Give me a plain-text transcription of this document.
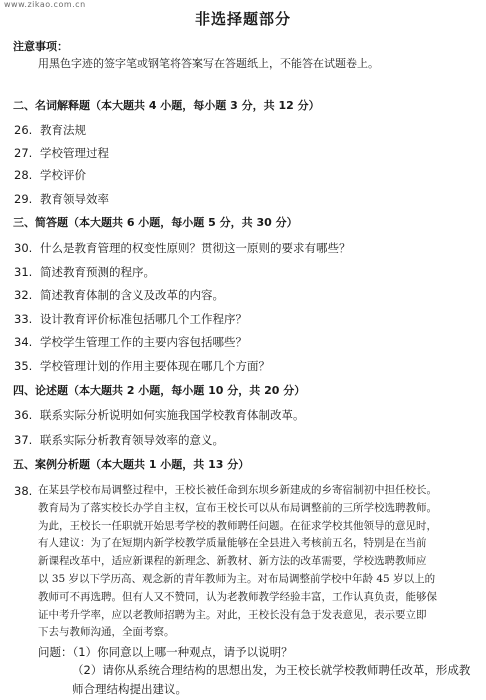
www.zikao.com.cn
非选择题部分
注意事项：
用黑色字迹的签字笔或钢笔将答案写在答题纸上，不能答在试题卷上。
二、名词解释题（本大题共 4 小题，每小题 3 分，共 12 分）
26. 教育法规
27. 学校管理过程
28. 学校评价
29. 教育领导效率
三、简答题（本大题共 6 小题，每小题 5 分，共 30 分）
30. 什么是教育管理的权变性原则？贯彻这一原则的要求有哪些？
31. 简述教育预测的程序。
32. 简述教育体制的含义及改革的内容。
33. 设计教育评价标准包括哪几个工作程序？
34. 学校学生管理工作的主要内容包括哪些？
35. 学校管理计划的作用主要体现在哪几个方面？
四、论述题（本大题共 2 小题，每小题 10 分，共 20 分）
36. 联系实际分析说明如何实施我国学校教育体制改革。
37. 联系实际分析教育领导效率的意义。
五、案例分析题（本大题共 1 小题，共 13 分）
38. 在某县学校布局调整过程中，王校长被任命到东坝乡新建成的乡寄宿制初中担任校长。
教育局为了落实校长办学自主权，宣布王校长可以从布局调整前的三所学校选聘教师。
为此，王校长一任职就开始思考学校的教师聘任问题。在征求学校其他领导的意见时，
有人建议：为了在短期内新学校教学质量能够在全县进入考核前五名，特别是在当前
新课程改革中，适应新课程的新理念、新教材、新方法的改革需要，学校选聘教师应
以 35 岁以下学历高、观念新的青年教师为主。对布局调整前学校中年龄 45 岁以上的
教师可不再选聘。但有人又不赞同，认为老教师教学经验丰富，工作认真负责，能够保
证中考升学率，应以老教师招聘为主。对此，王校长没有急于发表意见，表示要立即
下去与教师沟通，全面考察。
问题：（1）你同意以上哪一种观点，请予以说明？
（2）请你从系统合理结构的思想出发，为王校长就学校教师聘任改革，形成教师合理结构提出建议。
